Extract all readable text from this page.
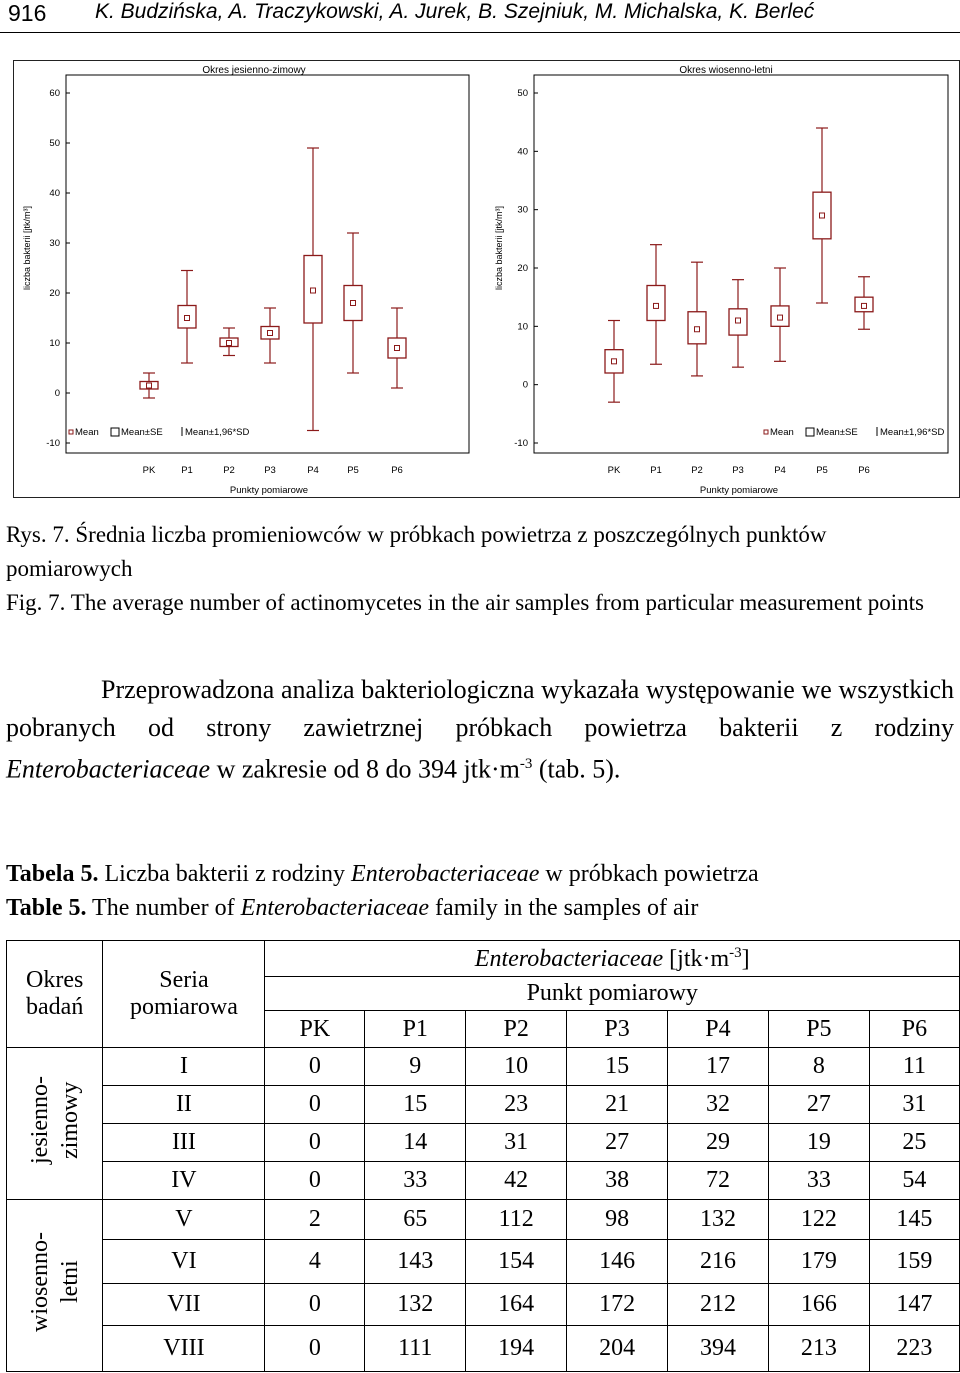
916 K. Budzińska, A. Traczykowski, A. Jurek, B. Szejniuk, M. Michalska, K. Berleć
Okres jesienno-zimowy
60
50
40
30
20
10
0
-10
liczba bakterii [jtk/m³]
PK	P1	P2	P3	P4	P5	P6
Mean Mean±SE Mean±1,96*SD
Punkty pomiarowe
Okres wiosenno-letni
50
40
30
20
10
0
-10
liczba bakterii [jtk/m³]
PK	P1	P2	P3	P4	P5	P6
Mean Mean±SE Mean±1,96*SD
Punkty pomiarowe
Rys. 7. Średnia liczba promieniowców w próbkach powietrza z poszczególnych punktów pomiarowych
Fig. 7. The average number of actinomycetes in the air samples from particular measurement points
Przeprowadzona analiza bakteriologiczna wykazała występowanie we wszystkich pobranych od strony zawietrznej próbkach powietrza bakterii z rodziny Enterobacteriaceae w zakresie od 8 do 394 $jtk\cdot m^{-3}$ (tab. 5).
Tabela 5. Liczba bakterii z rodziny Enterobacteriaceae w próbkach powietrza
Table 5. The number of Enterobacteriaceae family in the samples of air
Okres badań	Seria pomiarowa	Enterobacteriaceae $[jtk\cdot m^{-3}]$						
		Punkt pomiarowy						
		PK	P1	P2	P3	P4	P5	P6
jesienno-
zimowy	I	0	9	10	15	17	8	11
	II	0	15	23	21	32	27	31
	III	0	14	31	27	29	19	25
	IV	0	33	42	38	72	33	54
wiosenno-
letni	V	2	65	112	98	132	122	145
	VI	4	143	154	146	216	179	159
	VII	0	132	164	172	212	166	147
	VIII	0	111	194	204	394	213	223
